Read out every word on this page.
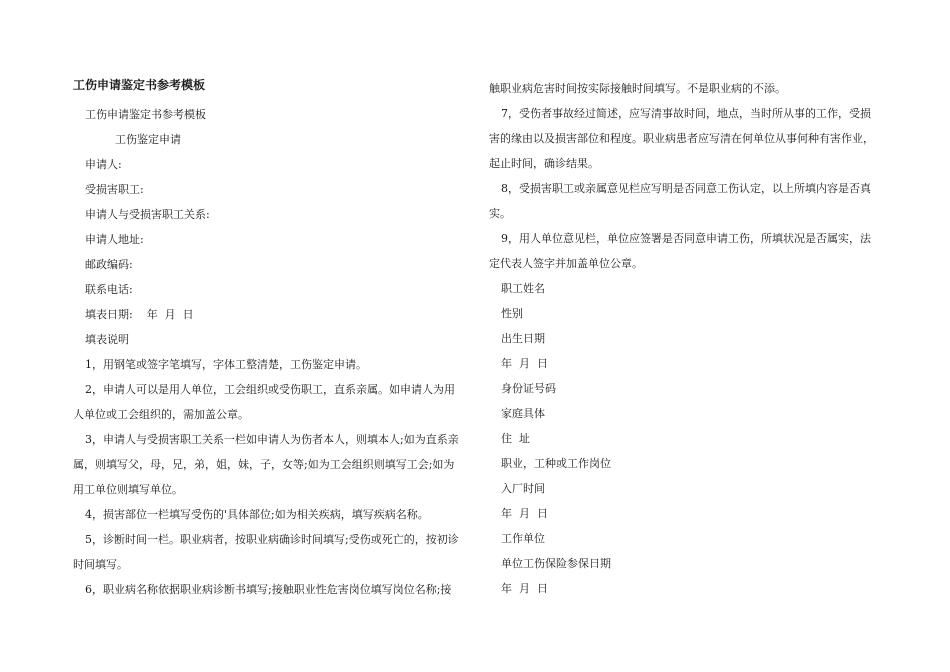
工伤申请鉴定书参考模板

工伤申请鉴定书参考模板

工伤鉴定申请

申请人:

受损害职工:

申请人与受损害职工关系:

申请人地址:

邮政编码:

联系电话:

填表日期:    年  月  日

填表说明

1，用钢笔或签字笔填写，字体工整清楚，工伤鉴定申请。

2，申请人可以是用人单位，工会组织或受伤职工，直系亲属。如申请人为用人单位或工会组织的，需加盖公章。

3，申请人与受损害职工关系一栏如申请人为伤者本人，则填本人;如为直系亲属，则填写父，母，兄，弟，姐，妹，子，女等;如为工会组织则填写工会;如为用工单位则填写单位。

4，损害部位一栏填写受伤的'具体部位;如为相关疾病，填写疾病名称。

5，诊断时间一栏。职业病者，按职业病确诊时间填写;受伤或死亡的，按初诊时间填写。

6，职业病名称依据职业病诊断书填写;接触职业性危害岗位填写岗位名称;接

触职业病危害时间按实际接触时间填写。不是职业病的不添。

7，受伤者事故经过简述，应写清事故时间，地点，当时所从事的工作，受损害的缘由以及损害部位和程度。职业病患者应写清在何单位从事何种有害作业，起止时间，确诊结果。

8，受损害职工或亲属意见栏应写明是否同意工伤认定，以上所填内容是否真实。

9，用人单位意见栏，单位应签署是否同意申请工伤，所填状况是否属实，法定代表人签字并加盖单位公章。

职工姓名

性别

出生日期

年  月  日

身份证号码

家庭具体

住  址

职业，工种或工作岗位

入厂时间

年  月  日

工作单位

单位工伤保险参保日期

年  月  日
